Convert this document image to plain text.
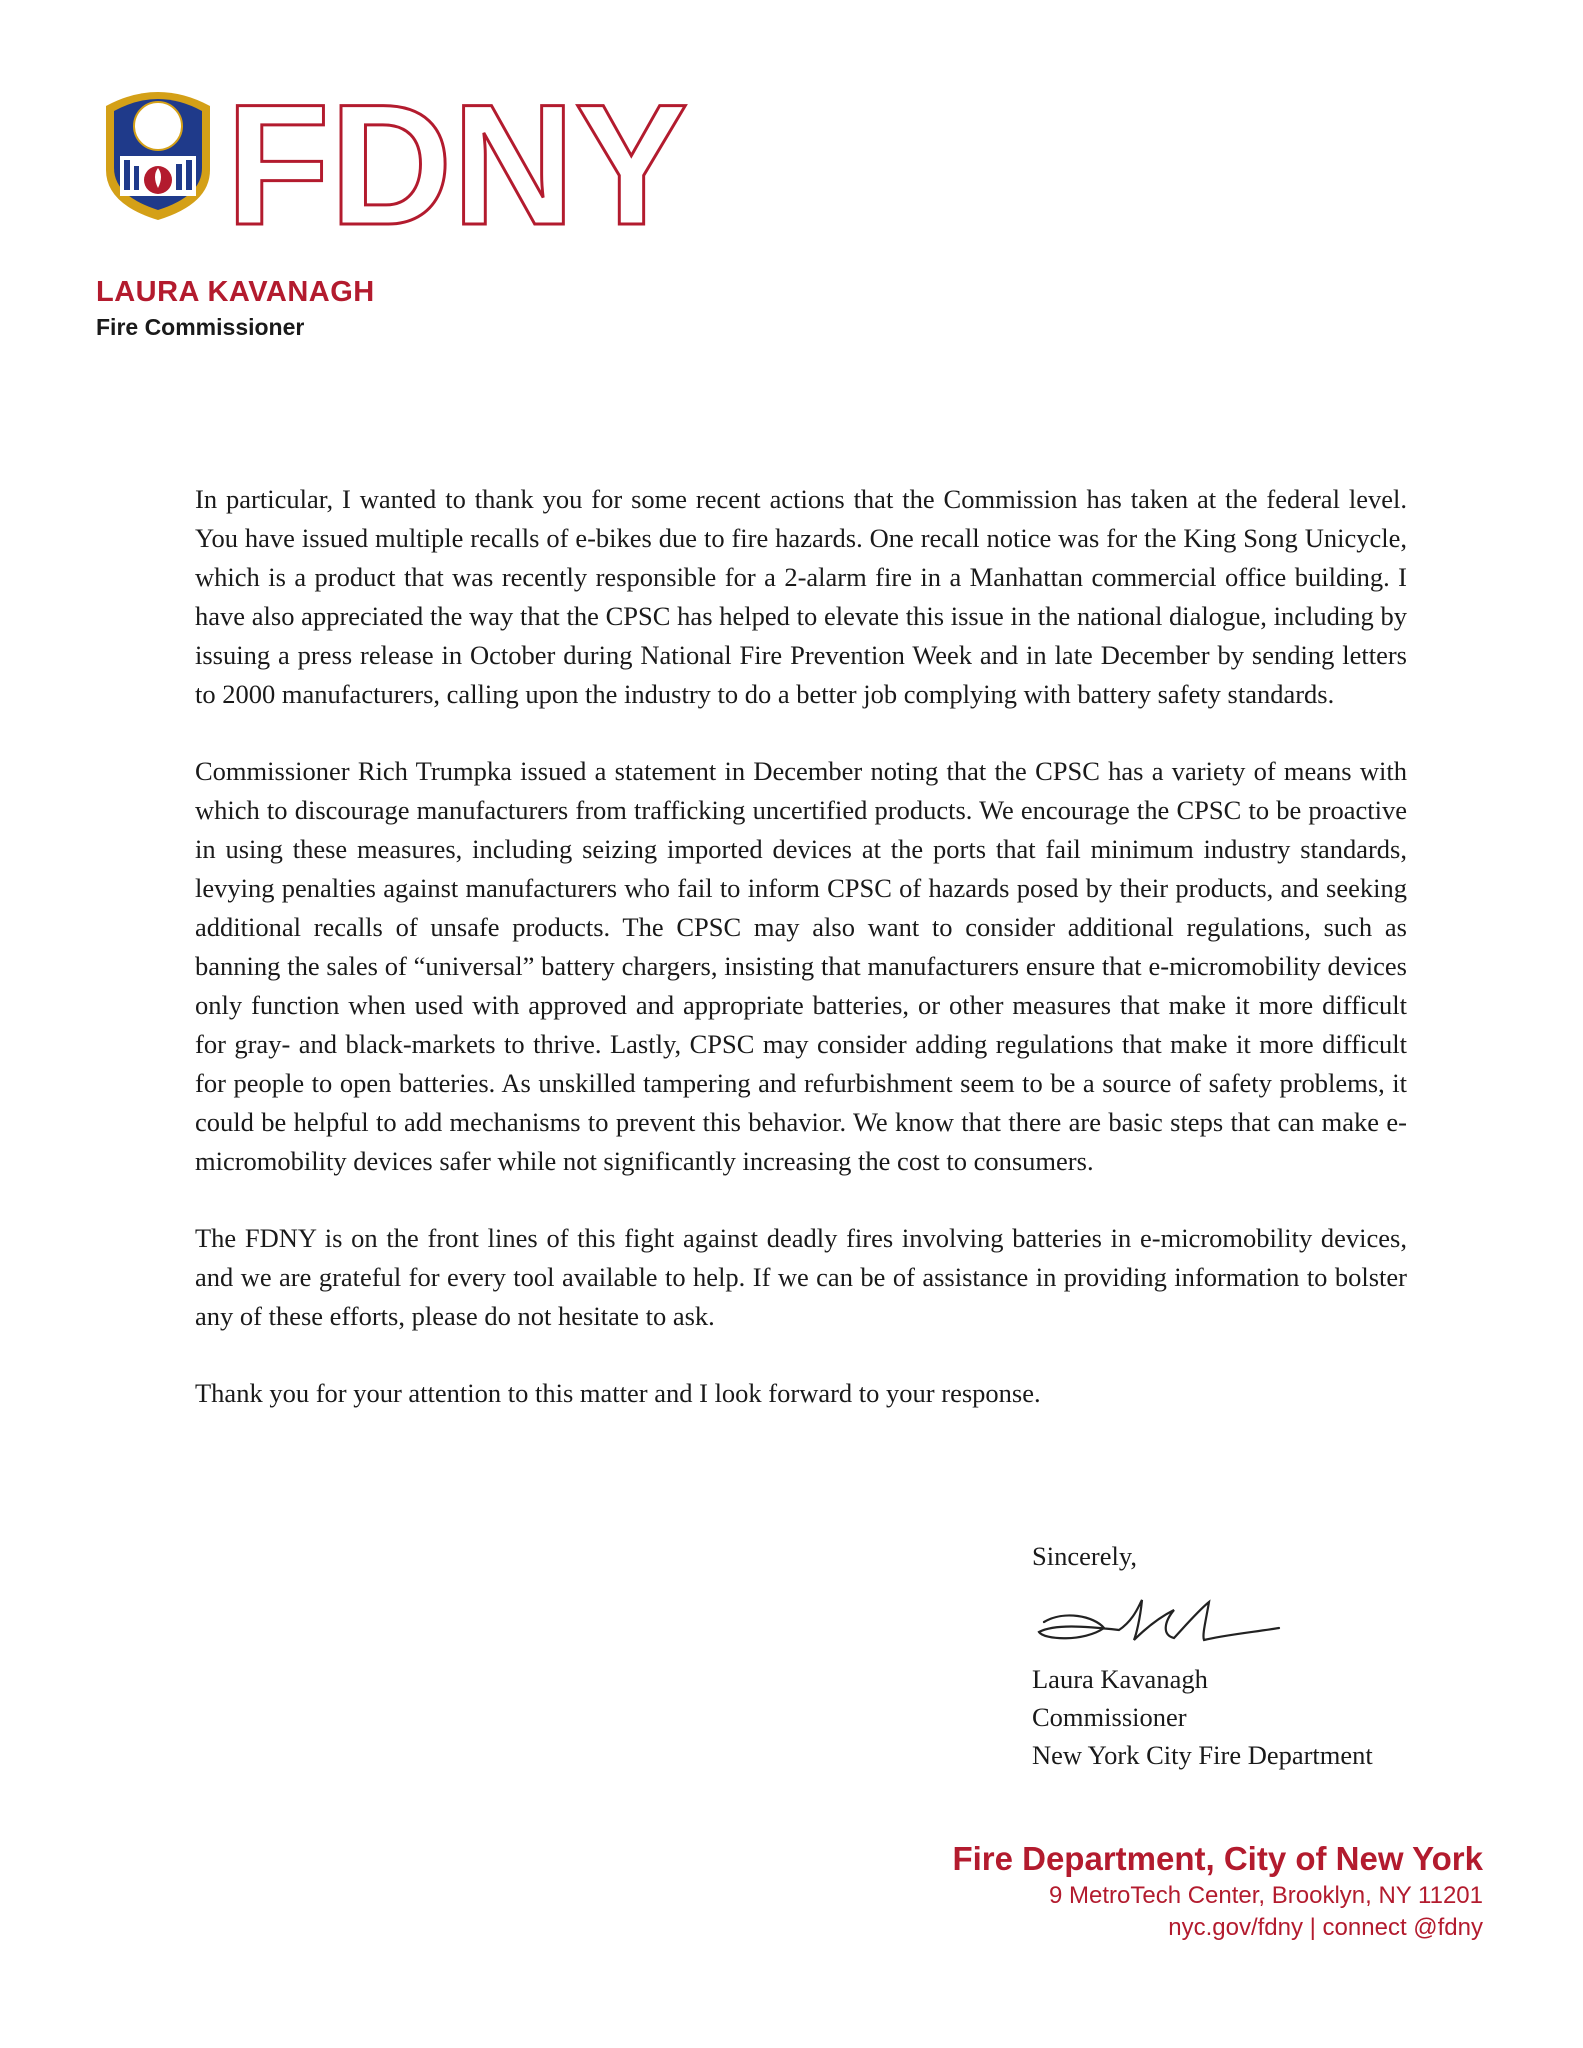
FDNY
LAURA KAVANAGH
Fire Commissioner

In particular, I wanted to thank you for some recent actions that the Commission has taken at the federal level. You have issued multiple recalls of e-bikes due to fire hazards. One recall notice was for the King Song Unicycle, which is a product that was recently responsible for a 2-alarm fire in a Manhattan commercial office building. I have also appreciated the way that the CPSC has helped to elevate this issue in the national dialogue, including by issuing a press release in October during National Fire Prevention Week and in late December by sending letters to 2000 manufacturers, calling upon the industry to do a better job complying with battery safety standards.

Commissioner Rich Trumpka issued a statement in December noting that the CPSC has a variety of means with which to discourage manufacturers from trafficking uncertified products. We encourage the CPSC to be proactive in using these measures, including seizing imported devices at the ports that fail minimum industry standards, levying penalties against manufacturers who fail to inform CPSC of hazards posed by their products, and seeking additional recalls of unsafe products. The CPSC may also want to consider additional regulations, such as banning the sales of “universal” battery chargers, insisting that manufacturers ensure that e-micromobility devices only function when used with approved and appropriate batteries, or other measures that make it more difficult for gray- and black-markets to thrive. Lastly, CPSC may consider adding regulations that make it more difficult for people to open batteries. As unskilled tampering and refurbishment seem to be a source of safety problems, it could be helpful to add mechanisms to prevent this behavior. We know that there are basic steps that can make e-micromobility devices safer while not significantly increasing the cost to consumers.

The FDNY is on the front lines of this fight against deadly fires involving batteries in e-micromobility devices, and we are grateful for every tool available to help. If we can be of assistance in providing information to bolster any of these efforts, please do not hesitate to ask.

Thank you for your attention to this matter and I look forward to your response.

Sincerely,
Laura Kavanagh
Commissioner
New York City Fire Department
Fire Department, City of New York
9 MetroTech Center, Brooklyn, NY 11201
nyc.gov/fdny | connect @fdny
